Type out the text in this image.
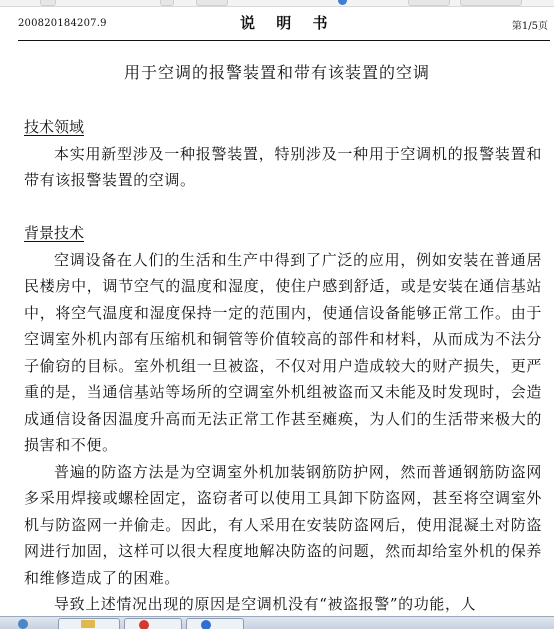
200820184207.9	说 明 书	第1/5页
用于空调的报警装置和带有该装置的空调
技术领域

本实用新型涉及一种报警装置，特别涉及一种用于空调机的报警装置和带有该报警装置的空调。

背景技术

空调设备在人们的生活和生产中得到了广泛的应用，例如安装在普通居民楼房中，调节空气的温度和湿度，使住户感到舒适，或是安装在通信基站中，将空气温度和湿度保持一定的范围内，使通信设备能够正常工作。由于空调室外机内部有压缩机和铜管等价值较高的部件和材料，从而成为不法分子偷窃的目标。室外机组一旦被盗，不仅对用户造成较大的财产损失，更严重的是，当通信基站等场所的空调室外机组被盗而又未能及时发现时，会造成通信设备因温度升高而无法正常工作甚至瘫痪，为人们的生活带来极大的损害和不便。

普遍的防盗方法是为空调室外机加装钢筋防护网，然而普通钢筋防盗网多采用焊接或螺栓固定，盗窃者可以使用工具卸下防盗网，甚至将空调室外机与防盗网一并偷走。因此，有人采用在安装防盗网后，使用混凝土对防盗网进行加固，这样可以很大程度地解决防盗的问题，然而却给室外机的保养和维修造成了的困难。

导致上述情况出现的原因是空调机没有“被盗报警”的功能，人
